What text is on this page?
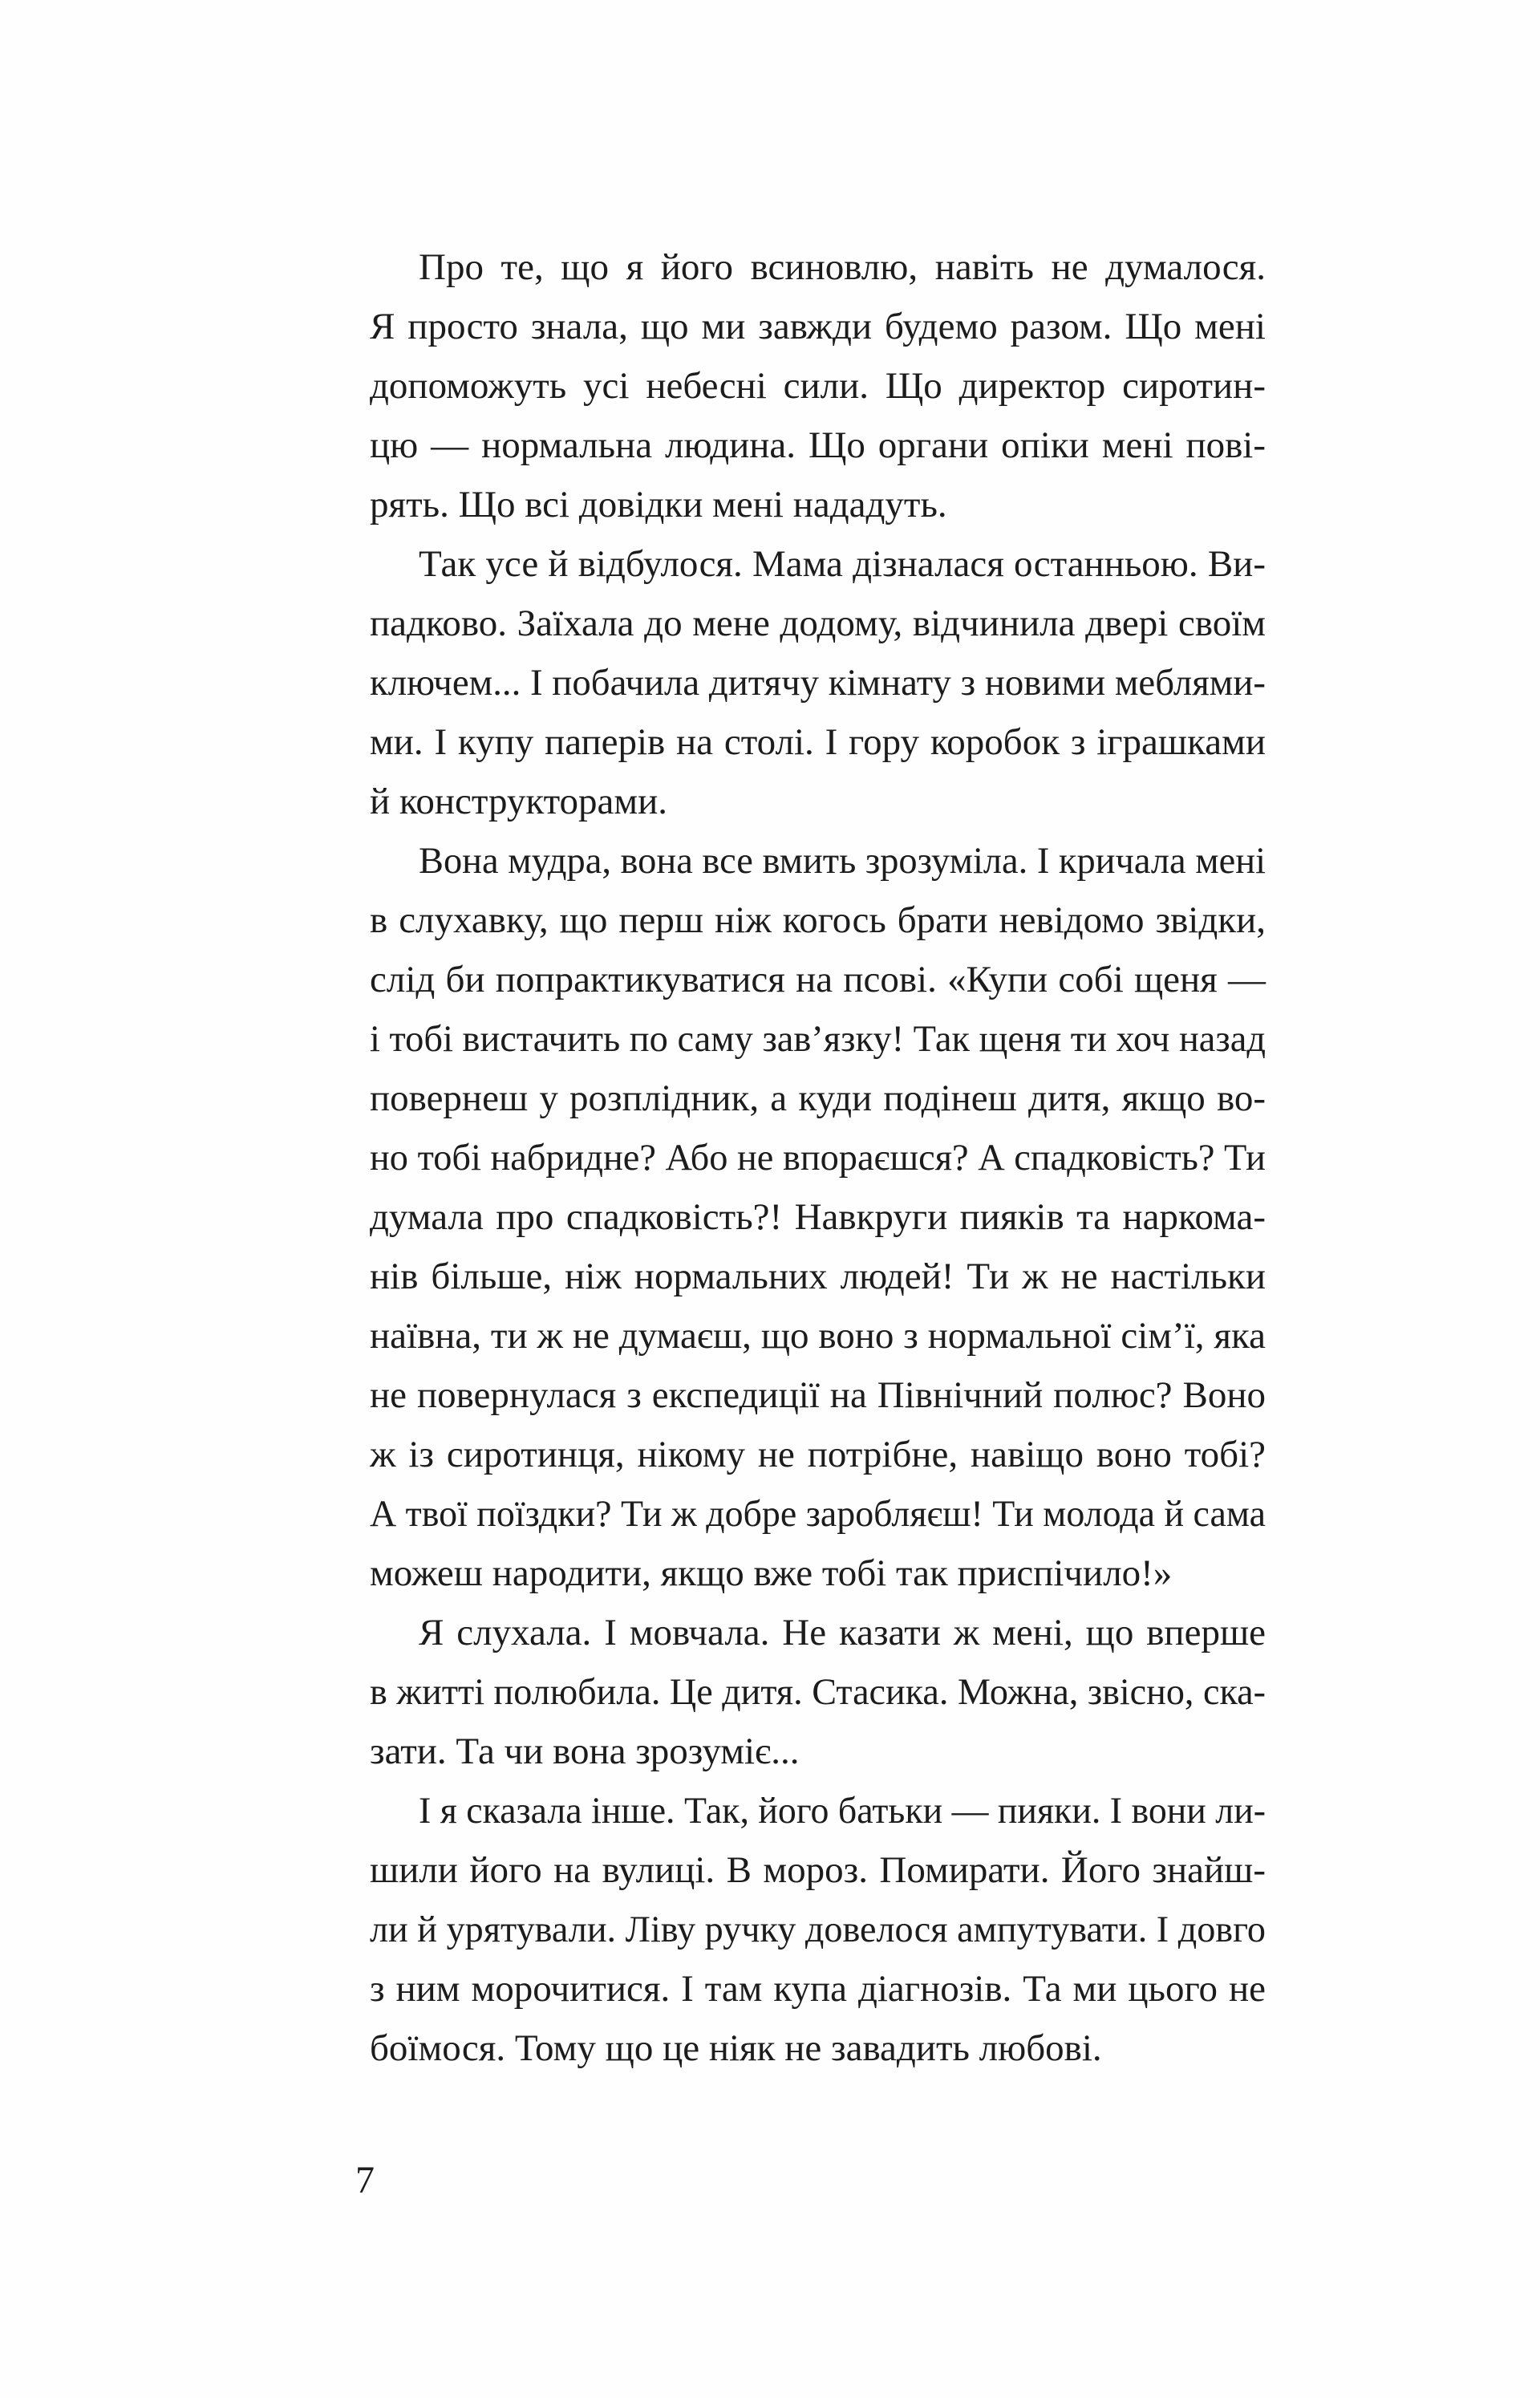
Про те, що я його всиновлю, навіть не думалося.
Я просто знала, що ми завжди будемо разом. Що мені
допоможуть усі небесні сили. Що директор сиротин-
цю — нормальна людина. Що органи опіки мені пові-
рять. Що всі довідки мені нададуть.
Так усе й відбулося. Мама дізналася останньою. Ви-
падково. Заїхала до мене додому, відчинила двері своїм
ключем... І побачила дитячу кімнату з новими меблями-
ми. І купу паперів на столі. І гору коробок з іграшками
й конструкторами.
Вона мудра, вона все вмить зрозуміла. І кричала мені
в слухавку, що перш ніж когось брати невідомо звідки,
слід би попрактикуватися на псові. «Купи собі щеня —
і тобі вистачить по саму зав’язку! Так щеня ти хоч назад
повернеш у розплідник, а куди подінеш дитя, якщо во-
но тобі набридне? Або не впораєшся? А спадковість? Ти
думала про спадковість?! Навкруги пияків та наркома-
нів більше, ніж нормальних людей! Ти ж не настільки
наївна, ти ж не думаєш, що воно з нормальної сім’ї, яка
не повернулася з експедиції на Північний полюс? Воно
ж із сиротинця, нікому не потрібне, навіщо воно тобі?
А твої поїздки? Ти ж добре заробляєш! Ти молода й сама
можеш народити, якщо вже тобі так приспічило!»
Я слухала. І мовчала. Не казати ж мені, що вперше
в житті полюбила. Це дитя. Стасика. Можна, звісно, ска-
зати. Та чи вона зрозуміє...
І я сказала інше. Так, його батьки — пияки. І вони ли-
шили його на вулиці. В мороз. Помирати. Його знайш-
ли й урятували. Ліву ручку довелося ампутувати. І довго
з ним морочитися. І там купа діагнозів. Та ми цього не
боїмося. Тому що це ніяк не завадить любові.
7
